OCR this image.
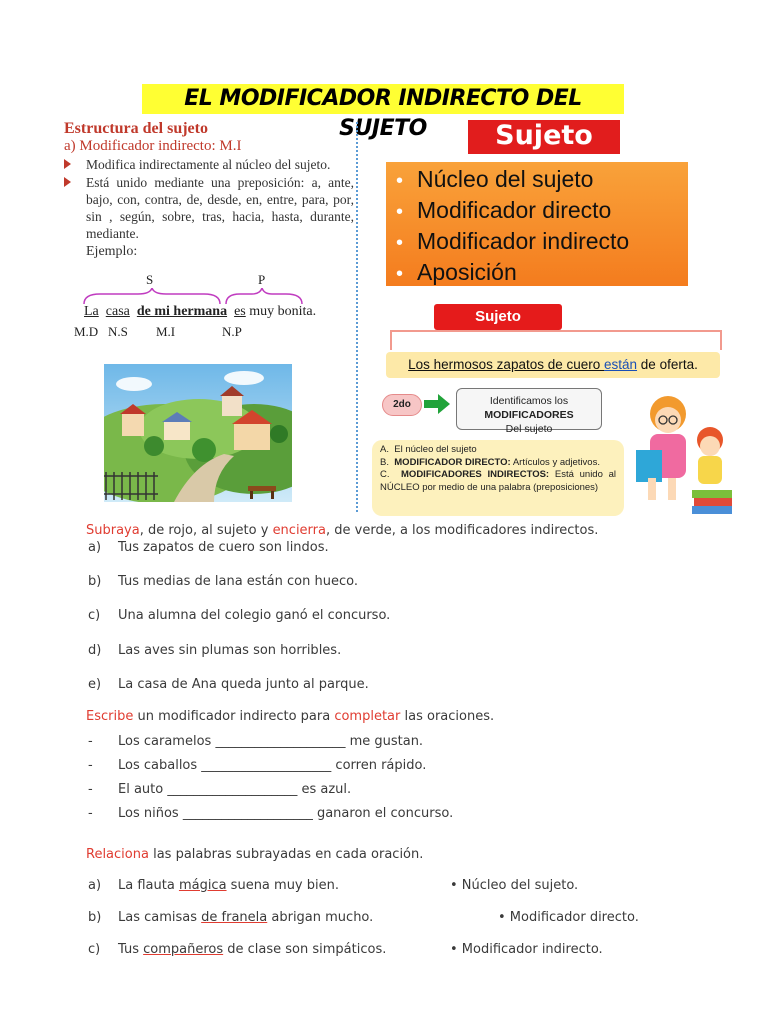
EL MODIFICADOR INDIRECTO DEL SUJETO
Estructura del sujeto
a) Modificador indirecto: M.I
Modifica indirectamente al núcleo del sujeto.
Está unido mediante una preposición: a, ante, bajo, con, contra, de, desde, en, entre, para, por, sin , según, sobre, tras, hacia, hasta, durante, mediante.
Ejemplo:
S	P
La casa de mi hermana es muy bonita.
M.D N.S M.I	N.P
Sujeto
• Núcleo del sujeto
• Modificador directo
• Modificador indirecto
• Aposición
Sujeto
Los hermosos zapatos de cuero están de oferta.
2do	Identificamos los MODIFICADORES
Del sujeto
A. El núcleo del sujeto
B. MODIFICADOR DIRECTO: Artículos y adjetivos.
C. MODIFICADORES INDIRECTOS: Está unido al NÚCLEO por medio de una palabra (preposiciones)
Subraya, de rojo, al sujeto y encierra, de verde, a los modificadores indirectos.
a) Tus zapatos de cuero son lindos.
b) Tus medias de lana están con hueco.
c) Una alumna del colegio ganó el concurso.
d) Las aves sin plumas son horribles.
e) La casa de Ana queda junto al parque.
Escribe un modificador indirecto para completar las oraciones.
- Los caramelos ____________________ me gustan.
- Los caballos ____________________ corren rápido.
- El auto ____________________ es azul.
- Los niños ____________________ ganaron el concurso.
Relaciona las palabras subrayadas en cada oración.
a) La flauta mágica suena muy bien.	• Núcleo del sujeto.
b) Las camisas de franela abrigan mucho.	• Modificador directo.
c) Tus compañeros de clase son simpáticos.	• Modificador indirecto.
